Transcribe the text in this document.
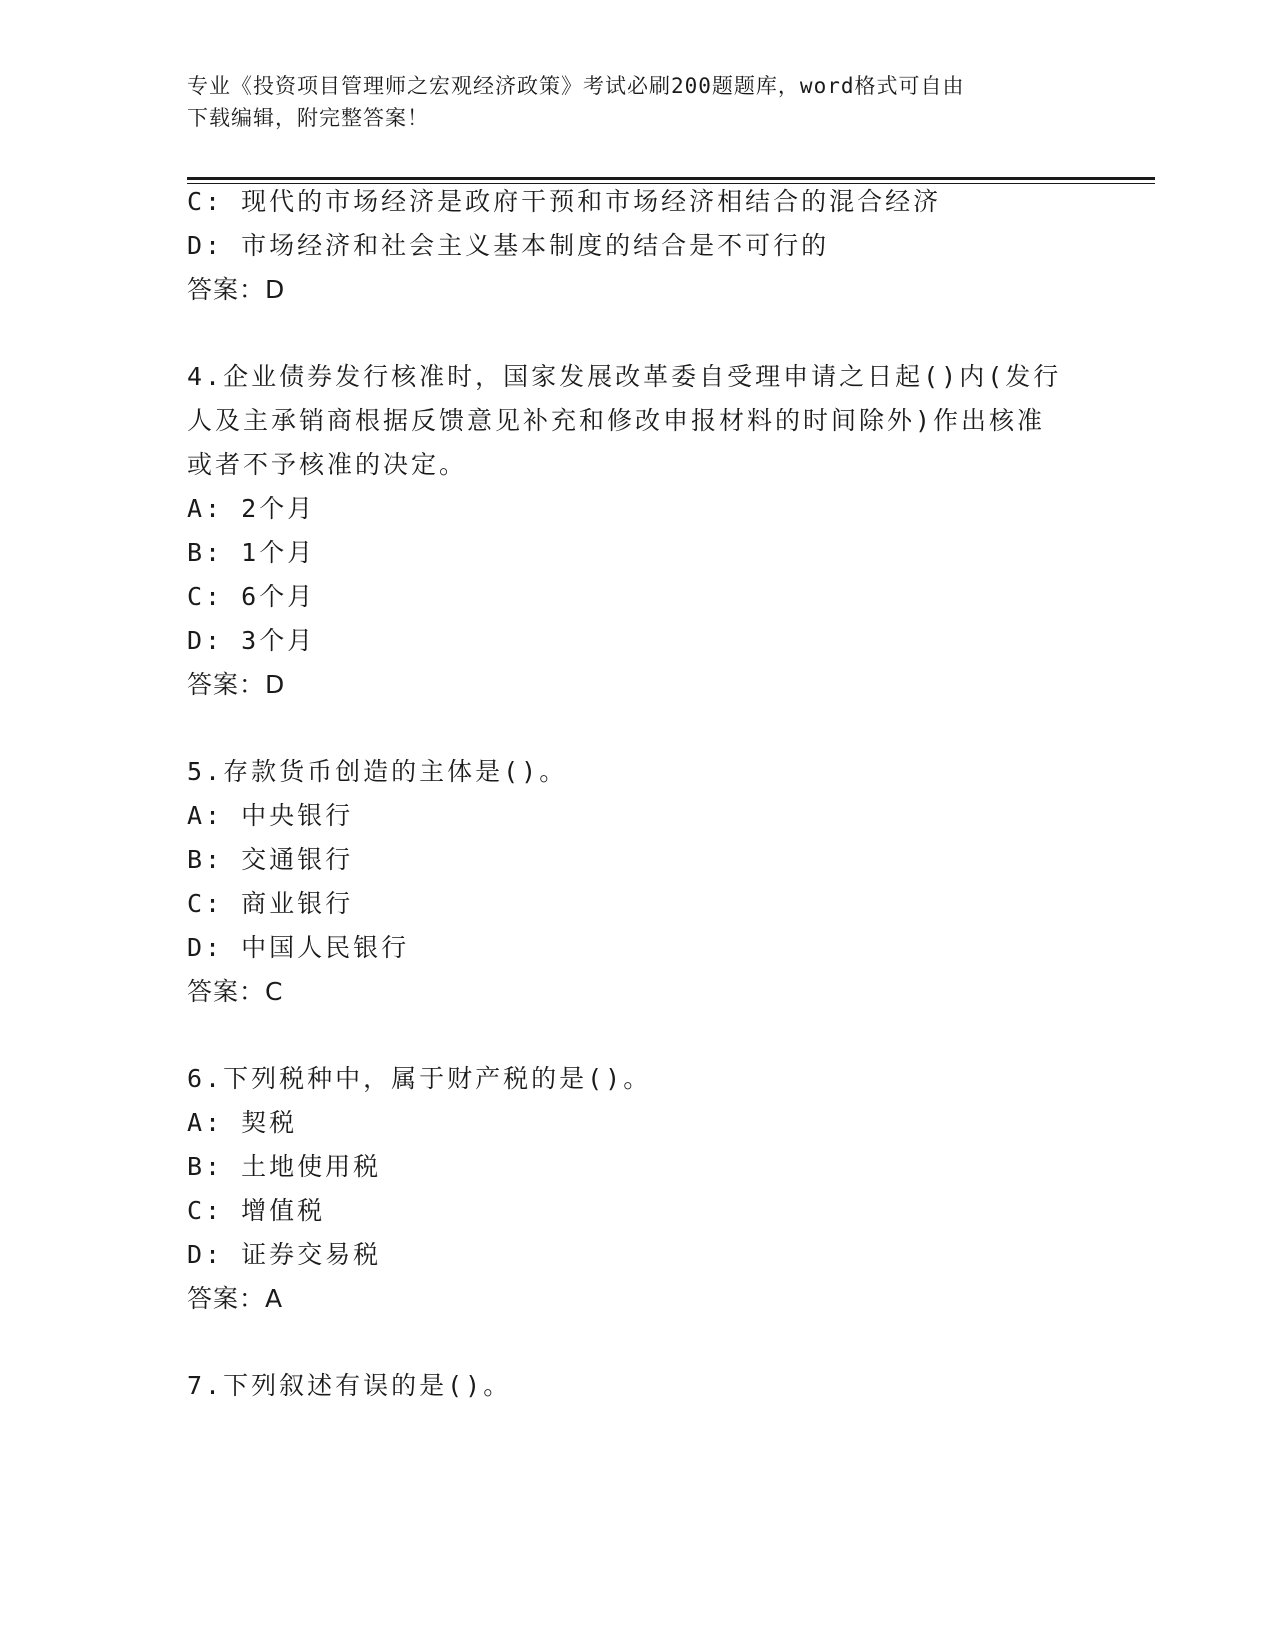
专业《投资项目管理师之宏观经济政策》考试必刷200题题库，word格式可自由
下载编辑，附完整答案！
C: 现代的市场经济是政府干预和市场经济相结合的混合经济
D: 市场经济和社会主义基本制度的结合是不可行的
答案：D
4.企业债券发行核准时，国家发展改革委自受理申请之日起()内(发行
人及主承销商根据反馈意见补充和修改申报材料的时间除外)作出核准
或者不予核准的决定。
A: 2个月
B: 1个月
C: 6个月
D: 3个月
答案：D
5.存款货币创造的主体是()。
A: 中央银行
B: 交通银行
C: 商业银行
D: 中国人民银行
答案：C
6.下列税种中，属于财产税的是()。
A: 契税
B: 土地使用税
C: 增值税
D: 证券交易税
答案：A
7.下列叙述有误的是()。
